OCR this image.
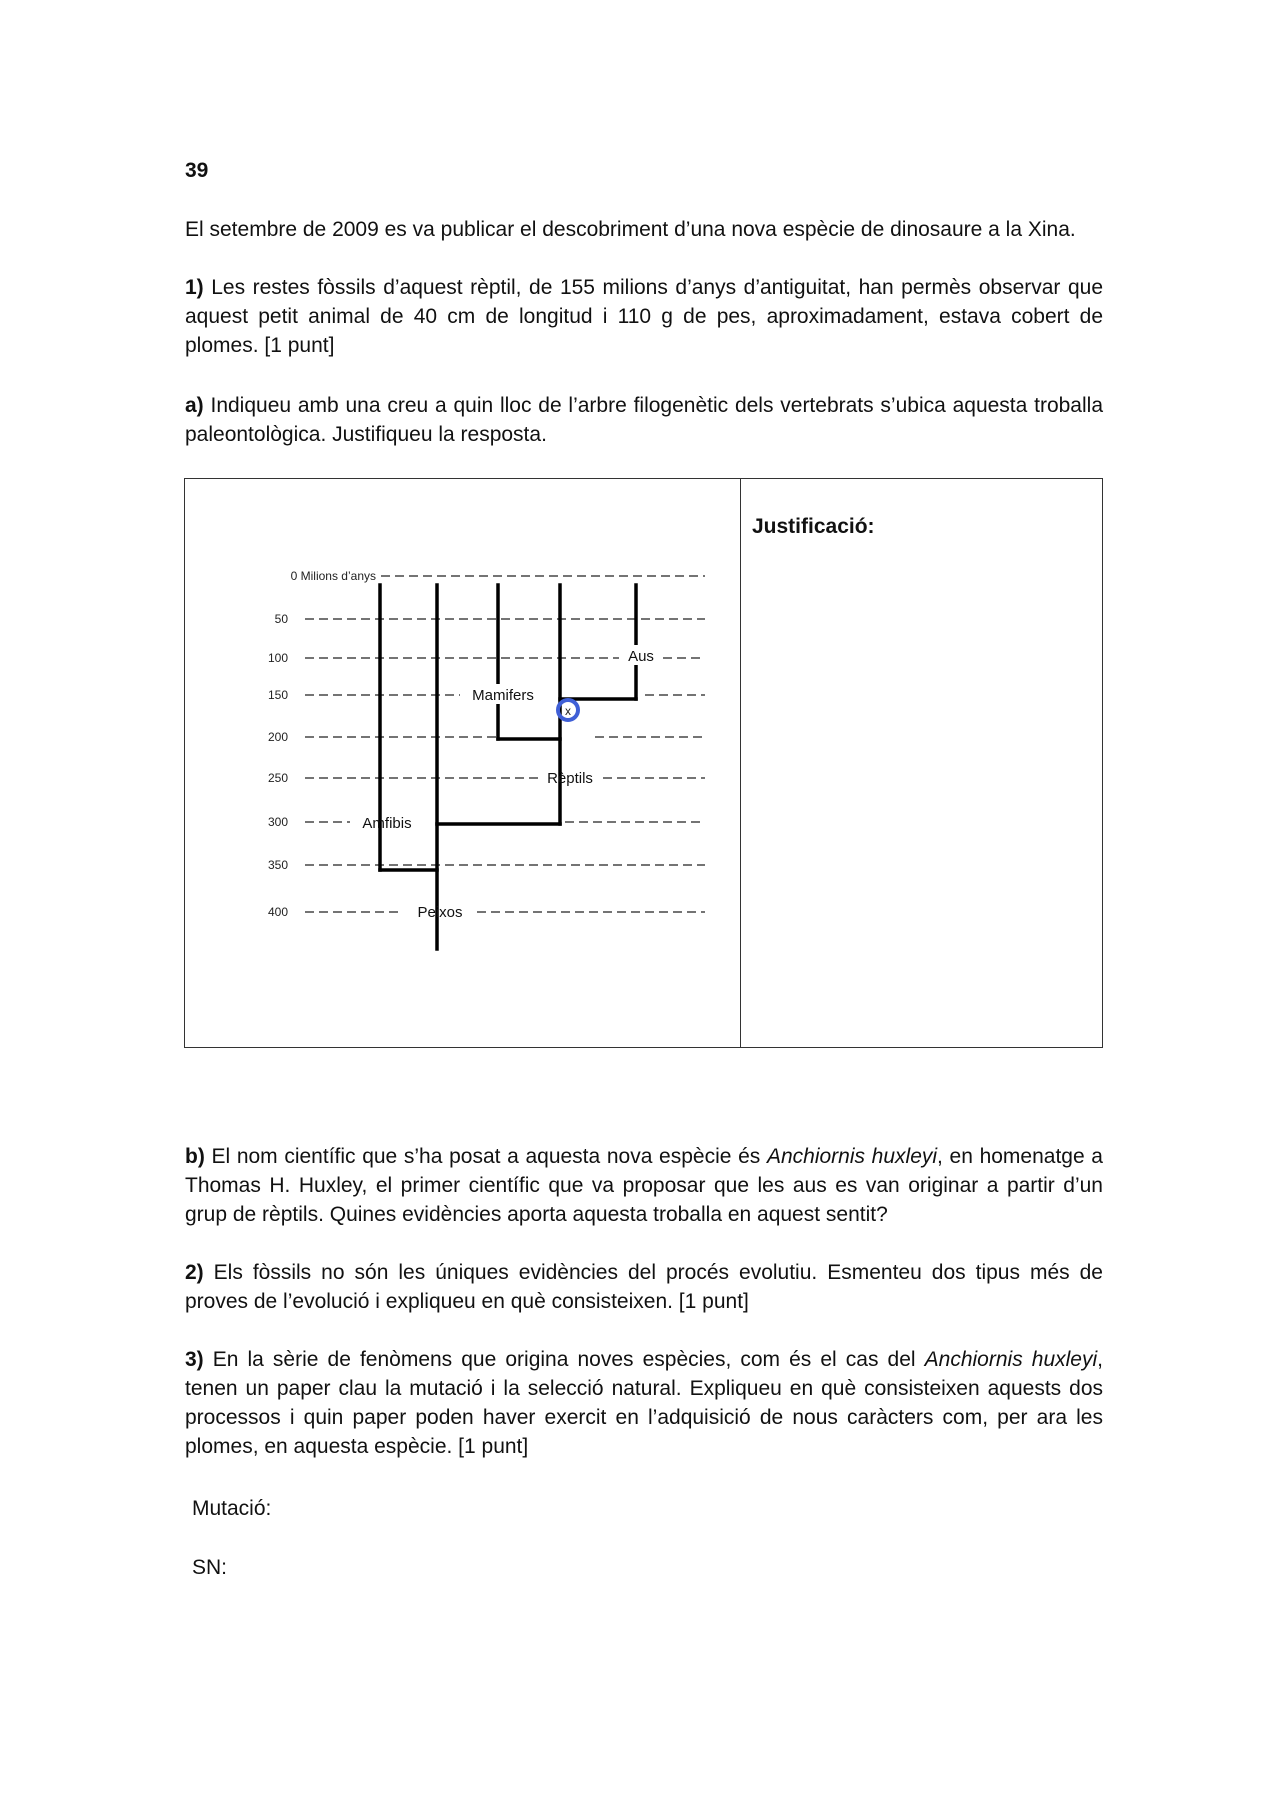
39

El setembre de 2009 es va publicar el descobriment d’una nova espècie de dinosaure a la Xina.

1) Les restes fòssils d’aquest rèptil, de 155 milions d’anys d’antiguitat, han permès observar que aquest petit animal de 40 cm de longitud i 110 g de pes, aproximadament, estava cobert de plomes. [1 punt]

a) Indiqueu amb una creu a quin lloc de l’arbre filogenètic dels vertebrats s’ubica aquesta troballa paleontològica. Justifiqueu la resposta.

0 Milions d’anys
50
100
150
200
250
300
350
400
Aus
Mamifers
Rèptils
Amfibis
Peixos
x
Justificació:

b) El nom científic que s’ha posat a aquesta nova espècie és Anchiornis huxleyi, en homenatge a Thomas H. Huxley, el primer científic que va proposar que les aus es van originar a partir d’un grup de rèptils. Quines evidències aporta aquesta troballa en aquest sentit?

2) Els fòssils no són les úniques evidències del procés evolutiu. Esmenteu dos tipus més de proves de l’evolució i expliqueu en què consisteixen. [1 punt]

3) En la sèrie de fenòmens que origina noves espècies, com és el cas del Anchiornis huxleyi, tenen un paper clau la mutació i la selecció natural. Expliqueu en què consisteixen aquests dos processos i quin paper poden haver exercit en l’adquisició de nous caràcters com, per ara les plomes, en aquesta espècie. [1 punt]

Mutació:

SN:
